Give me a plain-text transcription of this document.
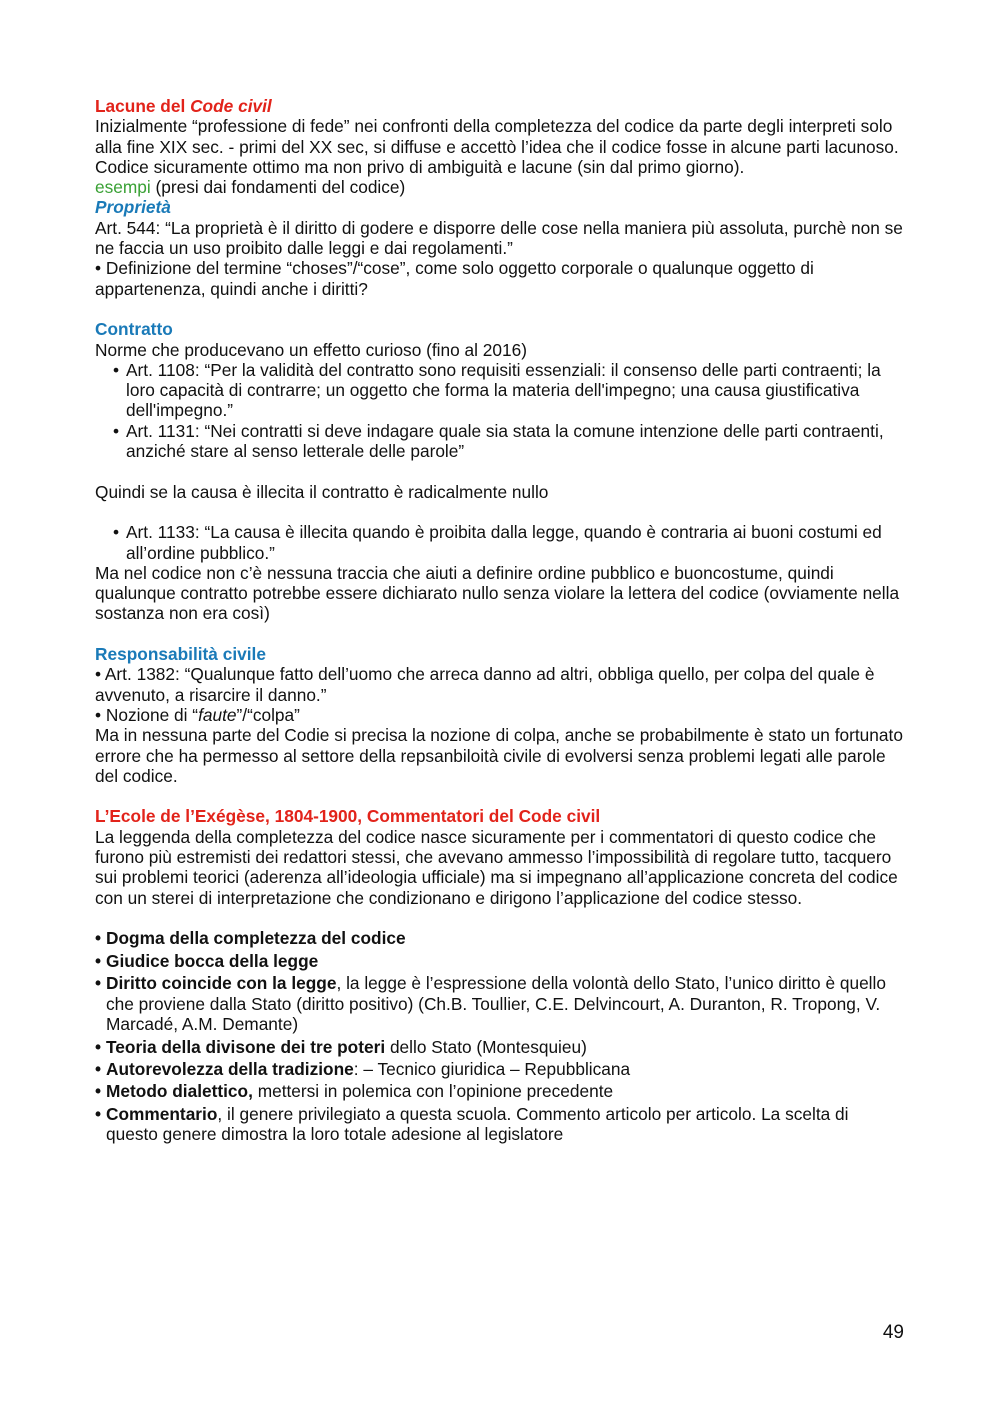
Lacune del Code civil
Inizialmente “professione di fede” nei confronti della completezza del codice da parte degli interpreti solo alla fine XIX sec. - primi del XX sec, si diffuse e accettò l’idea che il codice fosse in alcune parti lacunoso.
Codice sicuramente ottimo ma non privo di ambiguità e lacune (sin dal primo giorno).
esempi (presi dai fondamenti del codice)
Proprietà
Art. 544: “La proprietà è il diritto di godere e disporre delle cose nella maniera più assoluta, purchè non se ne faccia un uso proibito dalle leggi e dai regolamenti.”
• Definizione del termine “choses”/“cose”, come solo oggetto corporale o qualunque oggetto di appartenenza, quindi anche i diritti?
Contratto
Norme che producevano un effetto curioso (fino al 2016)
• Art. 1108: “Per la validità del contratto sono requisiti essenziali: il consenso delle parti contraenti; la loro capacità di contrarre; un oggetto che forma la materia dell'impegno; una causa giustificativa dell'impegno.”
• Art. 1131: “Nei contratti si deve indagare quale sia stata la comune intenzione delle parti contraenti, anziché stare al senso letterale delle parole”
Quindi se la causa è illecita il contratto è radicalmente nullo
• Art. 1133: “La causa è illecita quando è proibita dalla legge, quando è contraria ai buoni costumi ed all’ordine pubblico.”
Ma nel codice non c’è nessuna traccia che aiuti a definire ordine pubblico e buoncostume, quindi qualunque contratto potrebbe essere dichiarato nullo senza violare la lettera del codice (ovviamente nella sostanza non era così)
Responsabilità civile
• Art. 1382: “Qualunque fatto dell’uomo che arreca danno ad altri, obbliga quello, per colpa del quale è avvenuto, a risarcire il danno.”
• Nozione di “faute”/“colpa”
Ma in nessuna parte del Codie si precisa la nozione di colpa, anche se probabilmente è stato un fortunato errore che ha permesso al settore della repsanbiloità civile di evolversi senza problemi legati alle parole del codice.
L’Ecole de l’Exégèse, 1804-1900, Commentatori del Code civil
La leggenda della completezza del codice nasce sicuramente per i commentatori di questo codice che furono più estremisti dei redattori stessi, che avevano ammesso l’impossibilità di regolare tutto, tacquero sui problemi teorici (aderenza all’ideologia ufficiale) ma si impegnano all’applicazione concreta del codice con un sterei di interpretazione che condizionano e dirigono l’applicazione del codice stesso.
• Dogma della completezza del codice
• Giudice bocca della legge
• Diritto coincide con la legge, la legge è l’espressione della volontà dello Stato, l’unico diritto è quello che proviene dalla Stato (diritto positivo) (Ch.B. Toullier, C.E. Delvincourt, A. Duranton, R. Tropong, V. Marcadé, A.M. Demante)
• Teoria della divisone dei tre poteri dello Stato (Montesquieu)
• Autorevolezza della tradizione: – Tecnico giuridica – Repubblicana
• Metodo dialettico, mettersi in polemica con l’opinione precedente
• Commentario, il genere privilegiato a questa scuola. Commento articolo per articolo. La scelta di questo genere dimostra la loro totale adesione al legislatore
49
